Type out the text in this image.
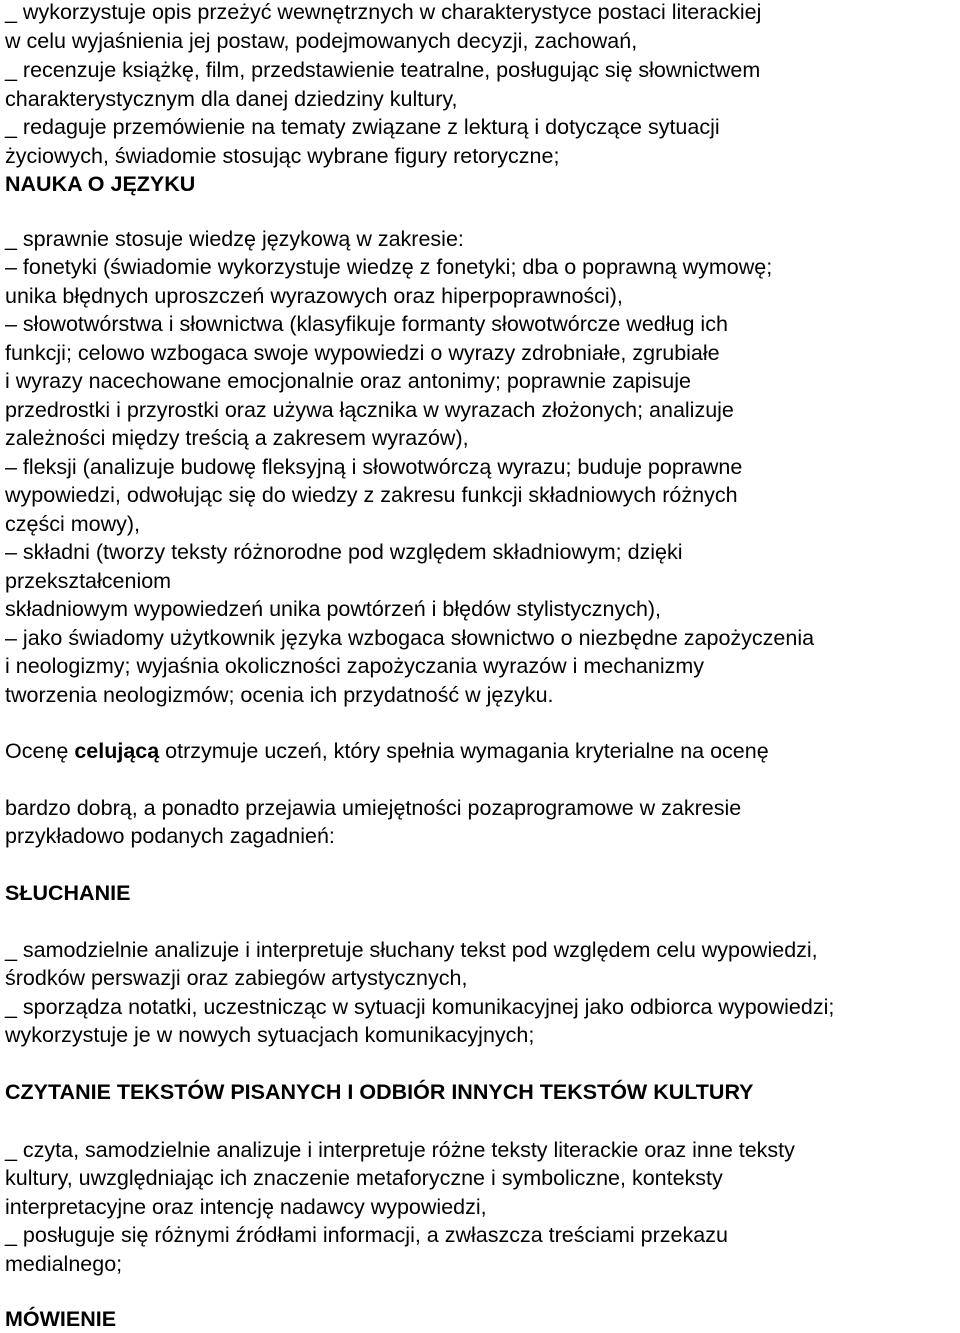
_ wykorzystuje opis przeżyć wewnętrznych w charakterystyce postaci literackiej
w celu wyjaśnienia jej postaw, podejmowanych decyzji, zachowań,
_ recenzuje książkę, film, przedstawienie teatralne, posługując się słownictwem
charakterystycznym dla danej dziedziny kultury,
_ redaguje przemówienie na tematy związane z lekturą i dotyczące sytuacji
życiowych, świadomie stosując wybrane figury retoryczne;
NAUKA O JĘZYKU
_ sprawnie stosuje wiedzę językową w zakresie:
– fonetyki (świadomie wykorzystuje wiedzę z fonetyki; dba o poprawną wymowę;
unika błędnych uproszczeń wyrazowych oraz hiperpoprawności),
– słowotwórstwa i słownictwa (klasyfikuje formanty słowotwórcze według ich
funkcji; celowo wzbogaca swoje wypowiedzi o wyrazy zdrobniałe, zgrubiałe
i wyrazy nacechowane emocjonalnie oraz antonimy; poprawnie zapisuje
przedrostki i przyrostki oraz używa łącznika w wyrazach złożonych; analizuje
zależności między treścią a zakresem wyrazów),
– fleksji (analizuje budowę fleksyjną i słowotwórczą wyrazu; buduje poprawne
wypowiedzi, odwołując się do wiedzy z zakresu funkcji składniowych różnych
części mowy),
– składni (tworzy teksty różnorodne pod względem składniowym; dzięki
przekształceniom
składniowym wypowiedzeń unika powtórzeń i błędów stylistycznych),
– jako świadomy użytkownik języka wzbogaca słownictwo o niezbędne zapożyczenia
i neologizmy; wyjaśnia okoliczności zapożyczania wyrazów i mechanizmy
tworzenia neologizmów; ocenia ich przydatność w języku.
Ocenę celującą otrzymuje uczeń, który spełnia wymagania kryterialne na ocenę
bardzo dobrą, a ponadto przejawia umiejętności pozaprogramowe w zakresie
przykładowo podanych zagadnień:
SŁUCHANIE
_ samodzielnie analizuje i interpretuje słuchany tekst pod względem celu wypowiedzi,
środków perswazji oraz zabiegów artystycznych,
_ sporządza notatki, uczestnicząc w sytuacji komunikacyjnej jako odbiorca wypowiedzi;
wykorzystuje je w nowych sytuacjach komunikacyjnych;
CZYTANIE TEKSTÓW PISANYCH I ODBIÓR INNYCH TEKSTÓW KULTURY
_ czyta, samodzielnie analizuje i interpretuje różne teksty literackie oraz inne teksty
kultury, uwzględniając ich znaczenie metaforyczne i symboliczne, konteksty
interpretacyjne oraz intencję nadawcy wypowiedzi,
_ posługuje się różnymi źródłami informacji, a zwłaszcza treściami przekazu
medialnego;
MÓWIENIE
